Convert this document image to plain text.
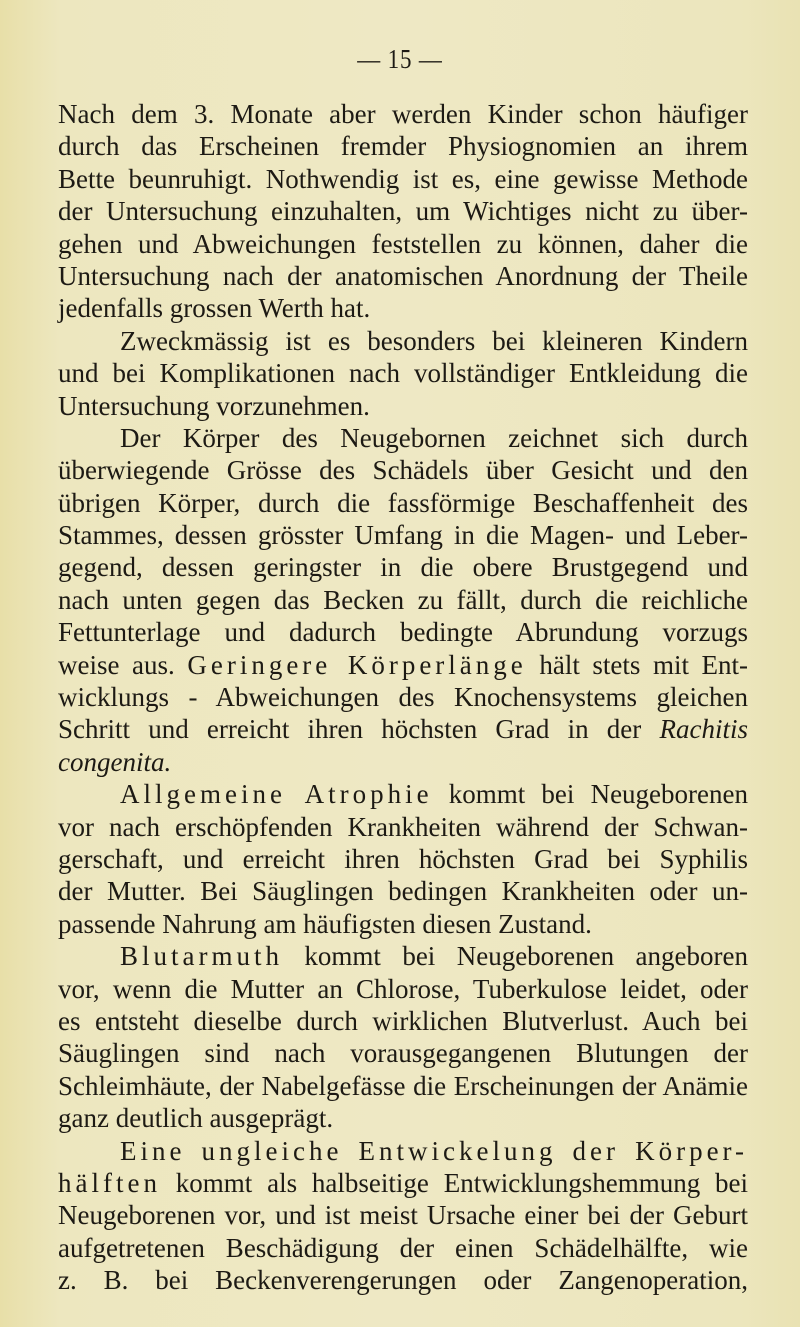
— 15 —
Nach dem 3. Monate aber werden Kinder schon häufiger
durch das Erscheinen fremder Physiognomien an ihrem
Bette beunruhigt. Nothwendig ist es, eine gewisse Methode
der Untersuchung einzuhalten, um Wichtiges nicht zu über-
gehen und Abweichungen feststellen zu können, daher die
Untersuchung nach der anatomischen Anordnung der Theile
jedenfalls grossen Werth hat.
Zweckmässig ist es besonders bei kleineren Kindern
und bei Komplikationen nach vollständiger Entkleidung die
Untersuchung vorzunehmen.
Der Körper des Neugebornen zeichnet sich durch
überwiegende Grösse des Schädels über Gesicht und den
übrigen Körper, durch die fassförmige Beschaffenheit des
Stammes, dessen grösster Umfang in die Magen- und Leber-
gegend, dessen geringster in die obere Brustgegend und
nach unten gegen das Becken zu fällt, durch die reichliche
Fettunterlage und dadurch bedingte Abrundung vorzugs
weise aus. Geringere Körperlänge hält stets mit Ent-
wicklungs - Abweichungen des Knochensystems gleichen
Schritt und erreicht ihren höchsten Grad in der Rachitis
congenita.
Allgemeine Atrophie kommt bei Neugeborenen
vor nach erschöpfenden Krankheiten während der Schwan-
gerschaft, und erreicht ihren höchsten Grad bei Syphilis
der Mutter. Bei Säuglingen bedingen Krankheiten oder un-
passende Nahrung am häufigsten diesen Zustand.
Blutarmuth kommt bei Neugeborenen angeboren
vor, wenn die Mutter an Chlorose, Tuberkulose leidet, oder
es entsteht dieselbe durch wirklichen Blutverlust. Auch bei
Säuglingen sind nach vorausgegangenen Blutungen der
Schleimhäute, der Nabelgefässe die Erscheinungen der Anämie
ganz deutlich ausgeprägt.
Eine ungleiche Entwickelung der Körper-
hälften kommt als halbseitige Entwicklungshemmung bei
Neugeborenen vor, und ist meist Ursache einer bei der Geburt
aufgetretenen Beschädigung der einen Schädelhälfte, wie
z. B. bei Beckenverengerungen oder Zangenoperation,
